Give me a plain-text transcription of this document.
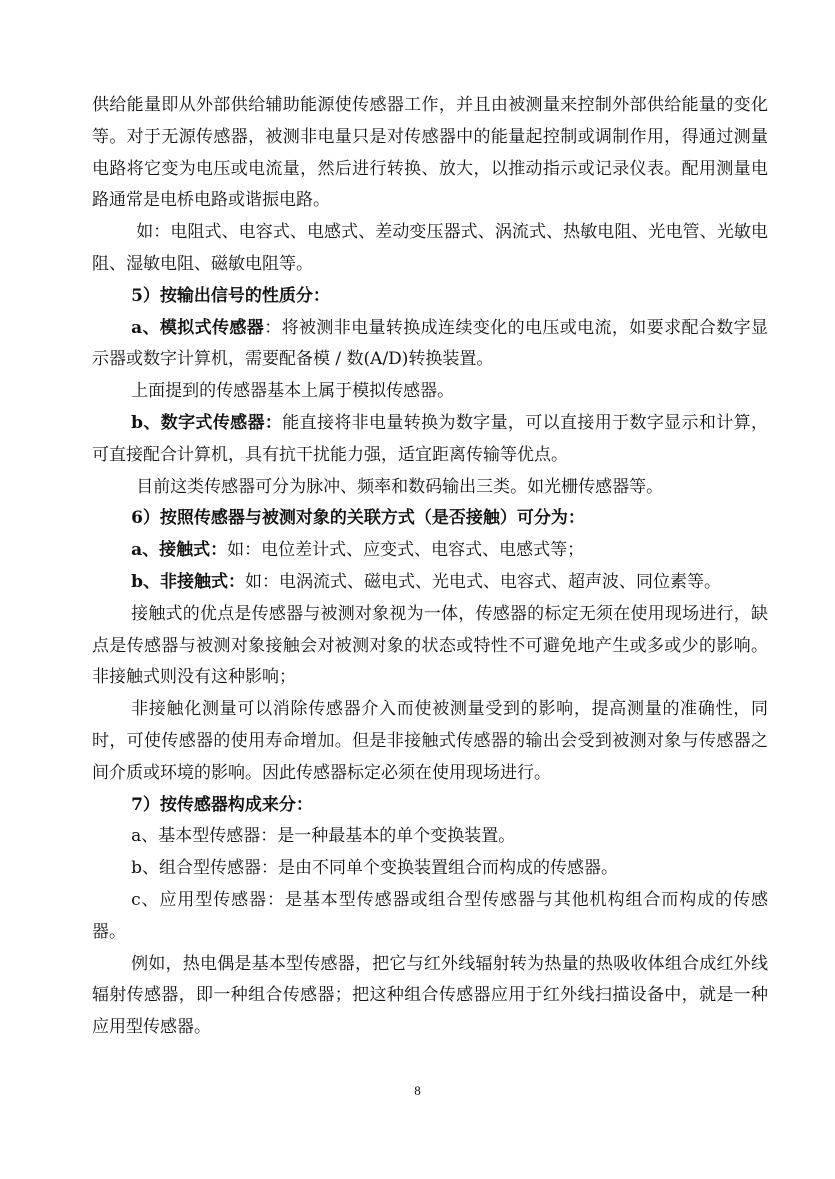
供给能量即从外部供给辅助能源使传感器工作，并且由被测量来控制外部供给能量的变化等。对于无源传感器，被测非电量只是对传感器中的能量起控制或调制作用，得通过测量电路将它变为电压或电流量，然后进行转换、放大，以推动指示或记录仪表。配用测量电路通常是电桥电路或谐振电路。

如：电阻式、电容式、电感式、差动变压器式、涡流式、热敏电阻、光电管、光敏电阻、湿敏电阻、磁敏电阻等。

5）按输出信号的性质分：

a、模拟式传感器：将被测非电量转换成连续变化的电压或电流，如要求配合数字显示器或数字计算机，需要配备模 / 数(A/D)转换装置。

上面提到的传感器基本上属于模拟传感器。

b、数字式传感器：能直接将非电量转换为数字量，可以直接用于数字显示和计算，可直接配合计算机，具有抗干扰能力强，适宜距离传输等优点。

目前这类传感器可分为脉冲、频率和数码输出三类。如光栅传感器等。

6）按照传感器与被测对象的关联方式（是否接触）可分为：

a、接触式：如：电位差计式、应变式、电容式、电感式等；

b、非接触式：如：电涡流式、磁电式、光电式、电容式、超声波、同位素等。

接触式的优点是传感器与被测对象视为一体，传感器的标定无须在使用现场进行，缺点是传感器与被测对象接触会对被测对象的状态或特性不可避免地产生或多或少的影响。非接触式则没有这种影响；

非接触化测量可以消除传感器介入而使被测量受到的影响，提高测量的准确性，同时，可使传感器的使用寿命增加。但是非接触式传感器的输出会受到被测对象与传感器之间介质或环境的影响。因此传感器标定必须在使用现场进行。

7）按传感器构成来分：

a、基本型传感器：是一种最基本的单个变换装置。

b、组合型传感器：是由不同单个变换装置组合而构成的传感器。

c、应用型传感器：是基本型传感器或组合型传感器与其他机构组合而构成的传感器。

例如，热电偶是基本型传感器，把它与红外线辐射转为热量的热吸收体组合成红外线辐射传感器，即一种组合传感器；把这种组合传感器应用于红外线扫描设备中，就是一种应用型传感器。

8
